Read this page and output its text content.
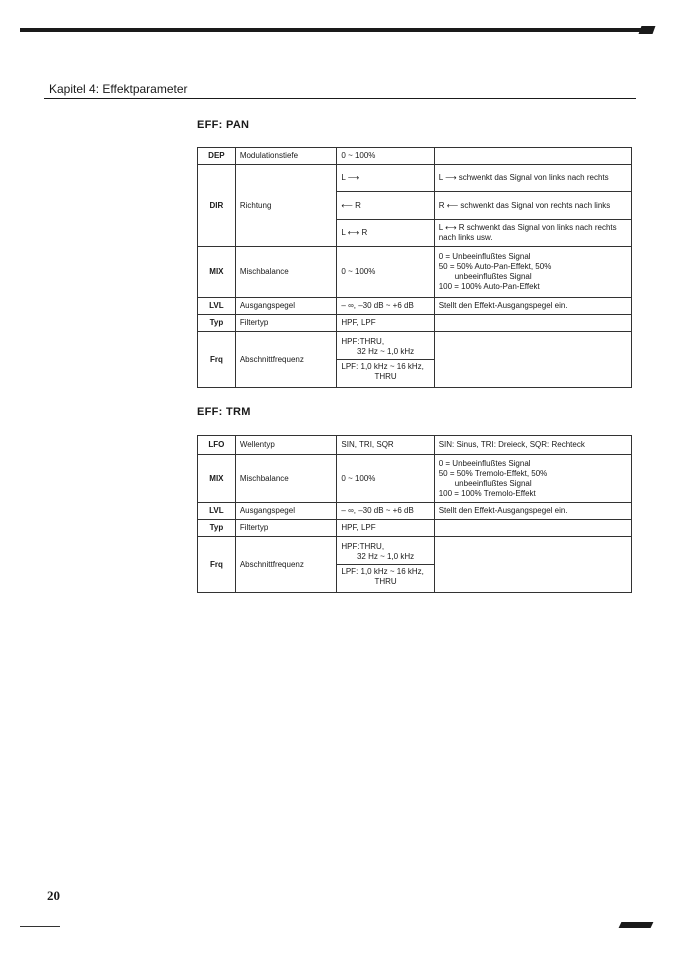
Kapitel 4: Effektparameter
EFF: PAN
DEP	Modulationstiefe	0 ~ 100%	
DIR	Richtung	L ⟶	L ⟶ schwenkt das Signal von links nach rechts
		⟵ R	R ⟵ schwenkt das Signal von rechts nach links
		L ⟷ R	L ⟷ R schwenkt das Signal von links nach rechts nach links usw.
MIX	Mischbalance	0 ~ 100%	0 = Unbeeinflußtes Signal
50 = 50% Auto-Pan-Effekt, 50%
unbeeinflußtes Signal
100 = 100% Auto-Pan-Effekt

LVL	Ausgangspegel	– ∞, –30 dB ~ +6 dB	Stellt den Effekt-Ausgangspegel ein.
Typ	Filtertyp	HPF, LPF	
Frq	Abschnittfrequenz	HPF:THRU,
32 Hz ~ 1,0 kHz
LPF: 1,0 kHz ~ 16 kHz,
THRU	

EFF: TRM
LFO	Wellentyp	SIN, TRI, SQR	SIN: Sinus, TRI: Dreieck, SQR: Rechteck
MIX	Mischbalance	0 ~ 100%	0 = Unbeeinflußtes Signal
50 = 50% Tremolo-Effekt, 50%
unbeeinflußtes Signal
100 = 100% Tremolo-Effekt

LVL	Ausgangspegel	– ∞, –30 dB ~ +6 dB	Stellt den Effekt-Ausgangspegel ein.
Typ	Filtertyp	HPF, LPF	
Frq	Abschnittfrequenz	HPF:THRU,
32 Hz ~ 1,0 kHz
LPF: 1,0 kHz ~ 16 kHz,
THRU	

20
